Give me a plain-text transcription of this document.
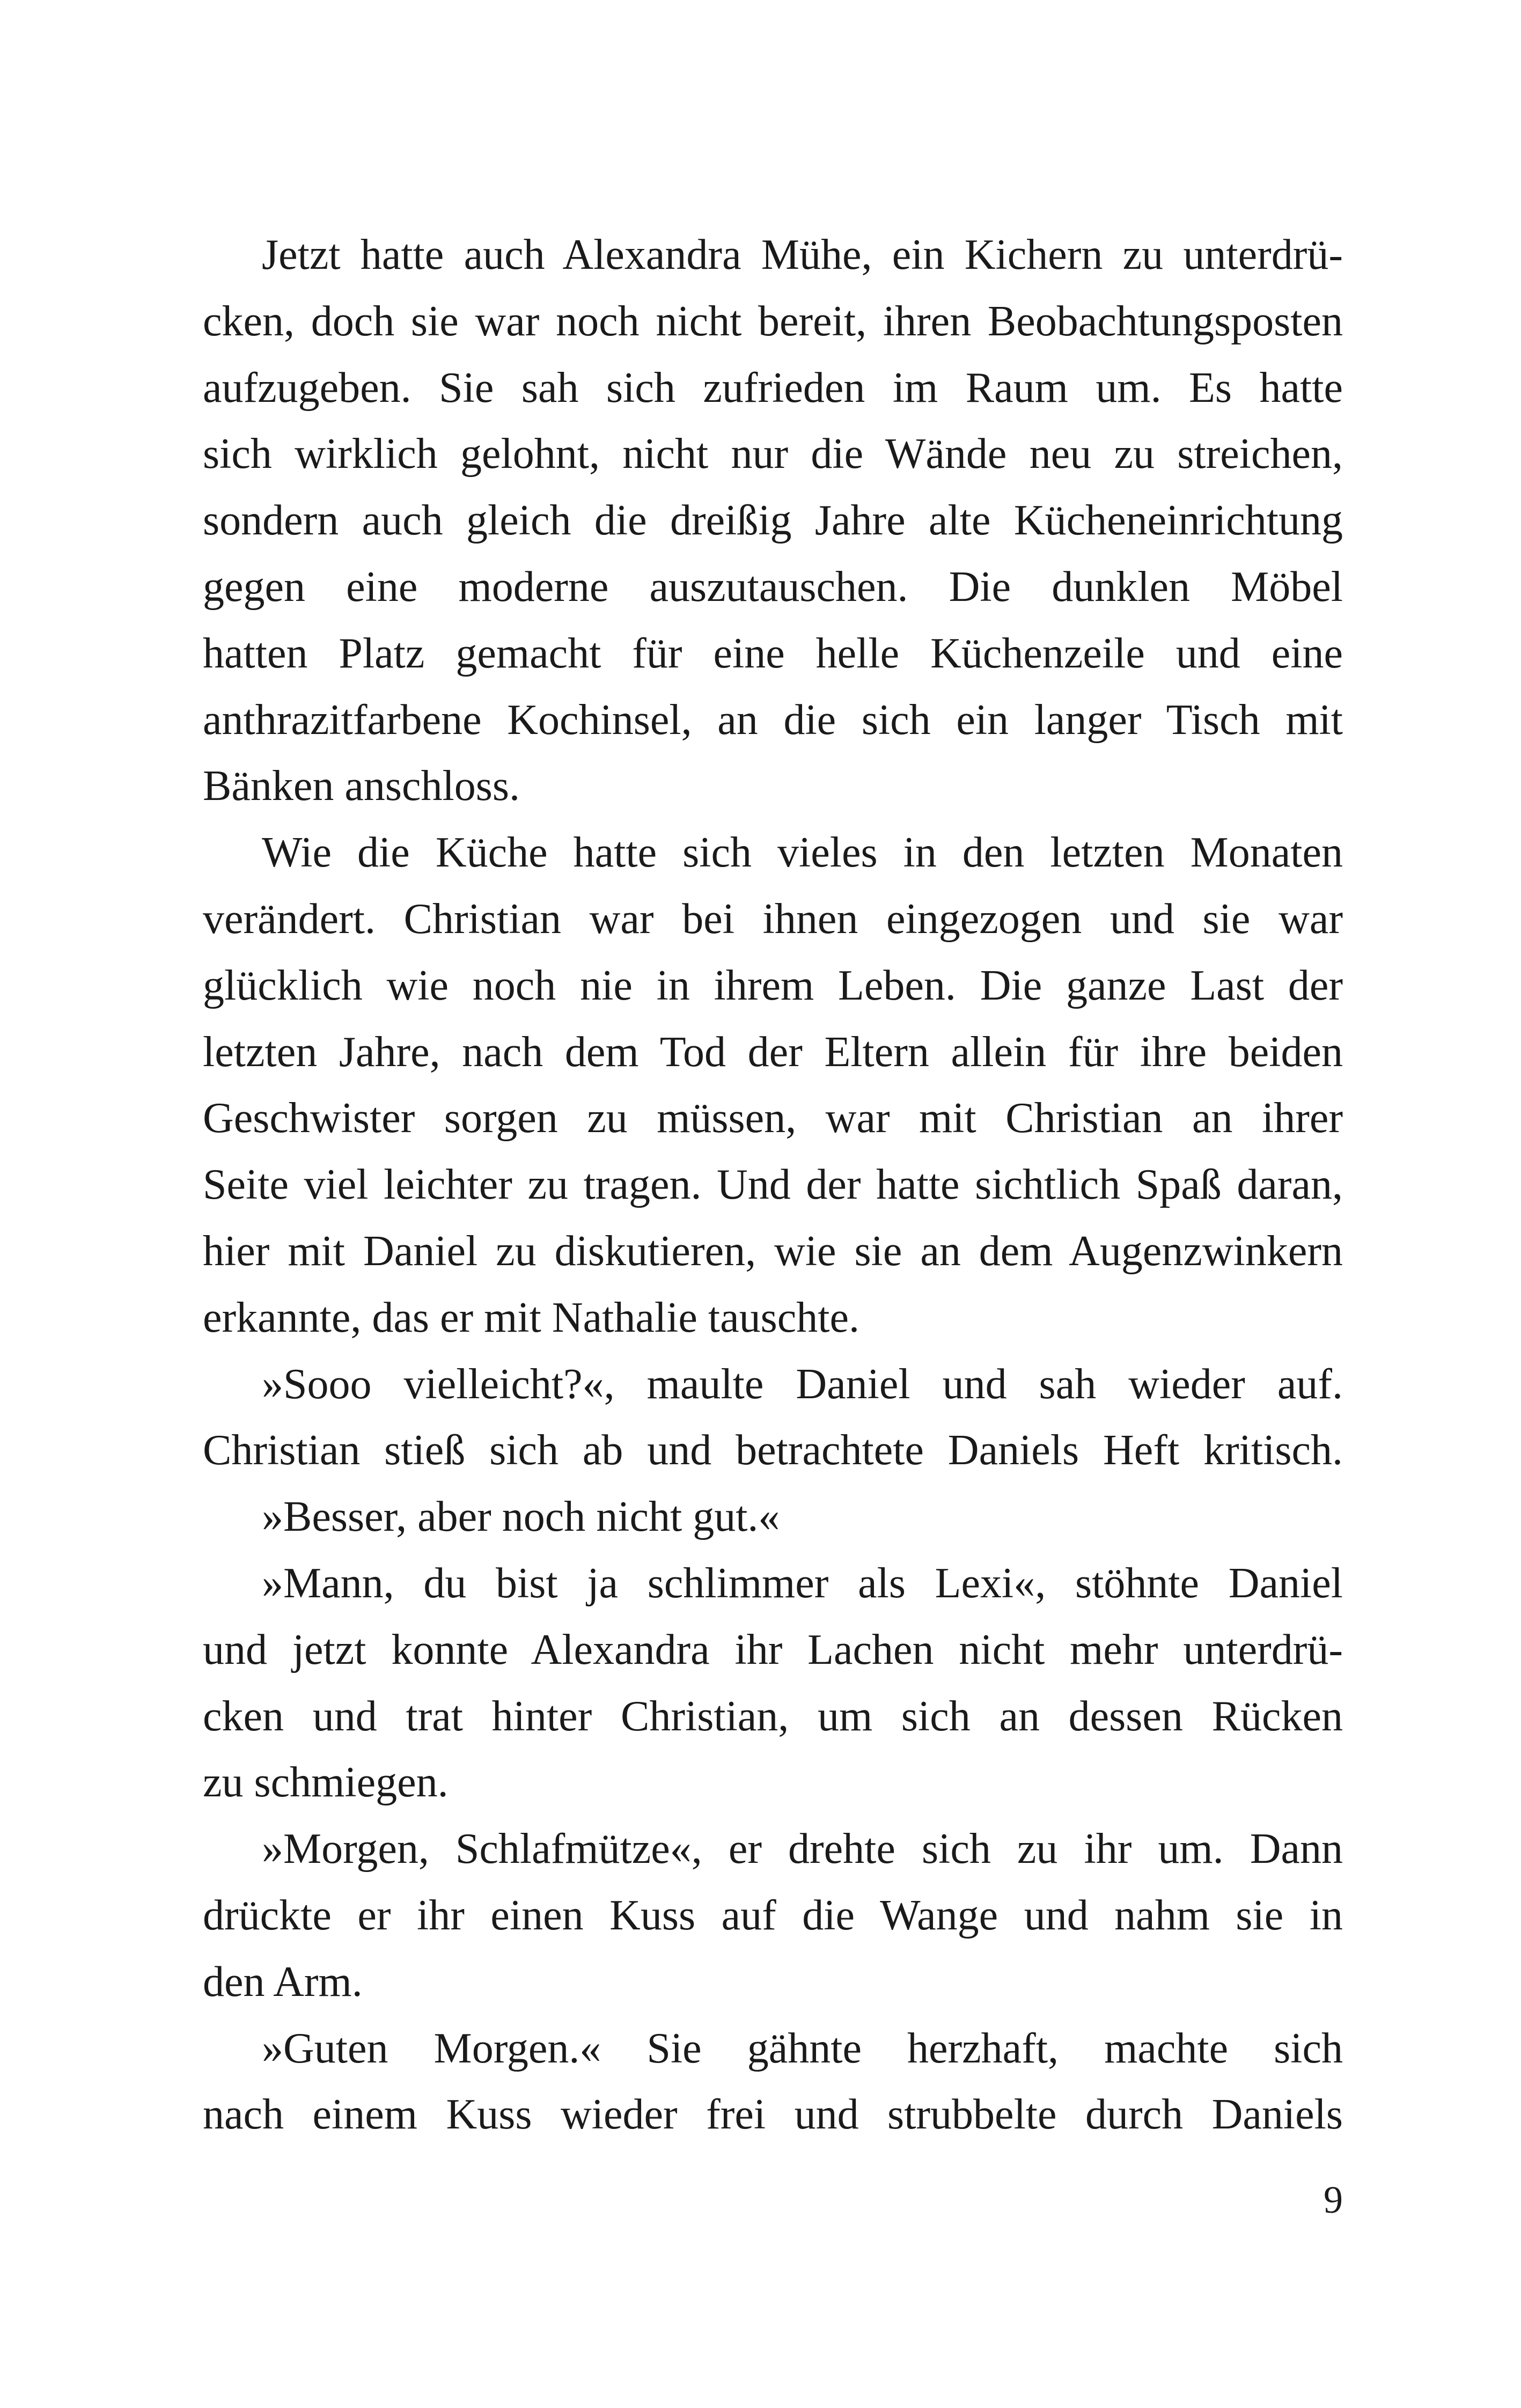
Jetzt hatte auch Alexandra Mühe, ein Kichern zu unterdrü-
cken, doch sie war noch nicht bereit, ihren Beobachtungsposten
aufzugeben. Sie sah sich zufrieden im Raum um. Es hatte
sich wirklich gelohnt, nicht nur die Wände neu zu streichen,
sondern auch gleich die dreißig Jahre alte Kücheneinrichtung
gegen eine moderne auszutauschen. Die dunklen Möbel
hatten Platz gemacht für eine helle Küchenzeile und eine
anthrazitfarbene Kochinsel, an die sich ein langer Tisch mit
Bänken anschloss.
Wie die Küche hatte sich vieles in den letzten Monaten
verändert. Christian war bei ihnen eingezogen und sie war
glücklich wie noch nie in ihrem Leben. Die ganze Last der
letzten Jahre, nach dem Tod der Eltern allein für ihre beiden
Geschwister sorgen zu müssen, war mit Christian an ihrer
Seite viel leichter zu tragen. Und der hatte sichtlich Spaß daran,
hier mit Daniel zu diskutieren, wie sie an dem Augenzwinkern
erkannte, das er mit Nathalie tauschte.
»Sooo vielleicht?«, maulte Daniel und sah wieder auf.
Christian stieß sich ab und betrachtete Daniels Heft kritisch.
»Besser, aber noch nicht gut.«
»Mann, du bist ja schlimmer als Lexi«, stöhnte Daniel
und jetzt konnte Alexandra ihr Lachen nicht mehr unterdrü-
cken und trat hinter Christian, um sich an dessen Rücken
zu schmiegen.
»Morgen, Schlafmütze«, er drehte sich zu ihr um. Dann
drückte er ihr einen Kuss auf die Wange und nahm sie in
den Arm.
»Guten Morgen.« Sie gähnte herzhaft, machte sich
nach einem Kuss wieder frei und strubbelte durch Daniels
9
